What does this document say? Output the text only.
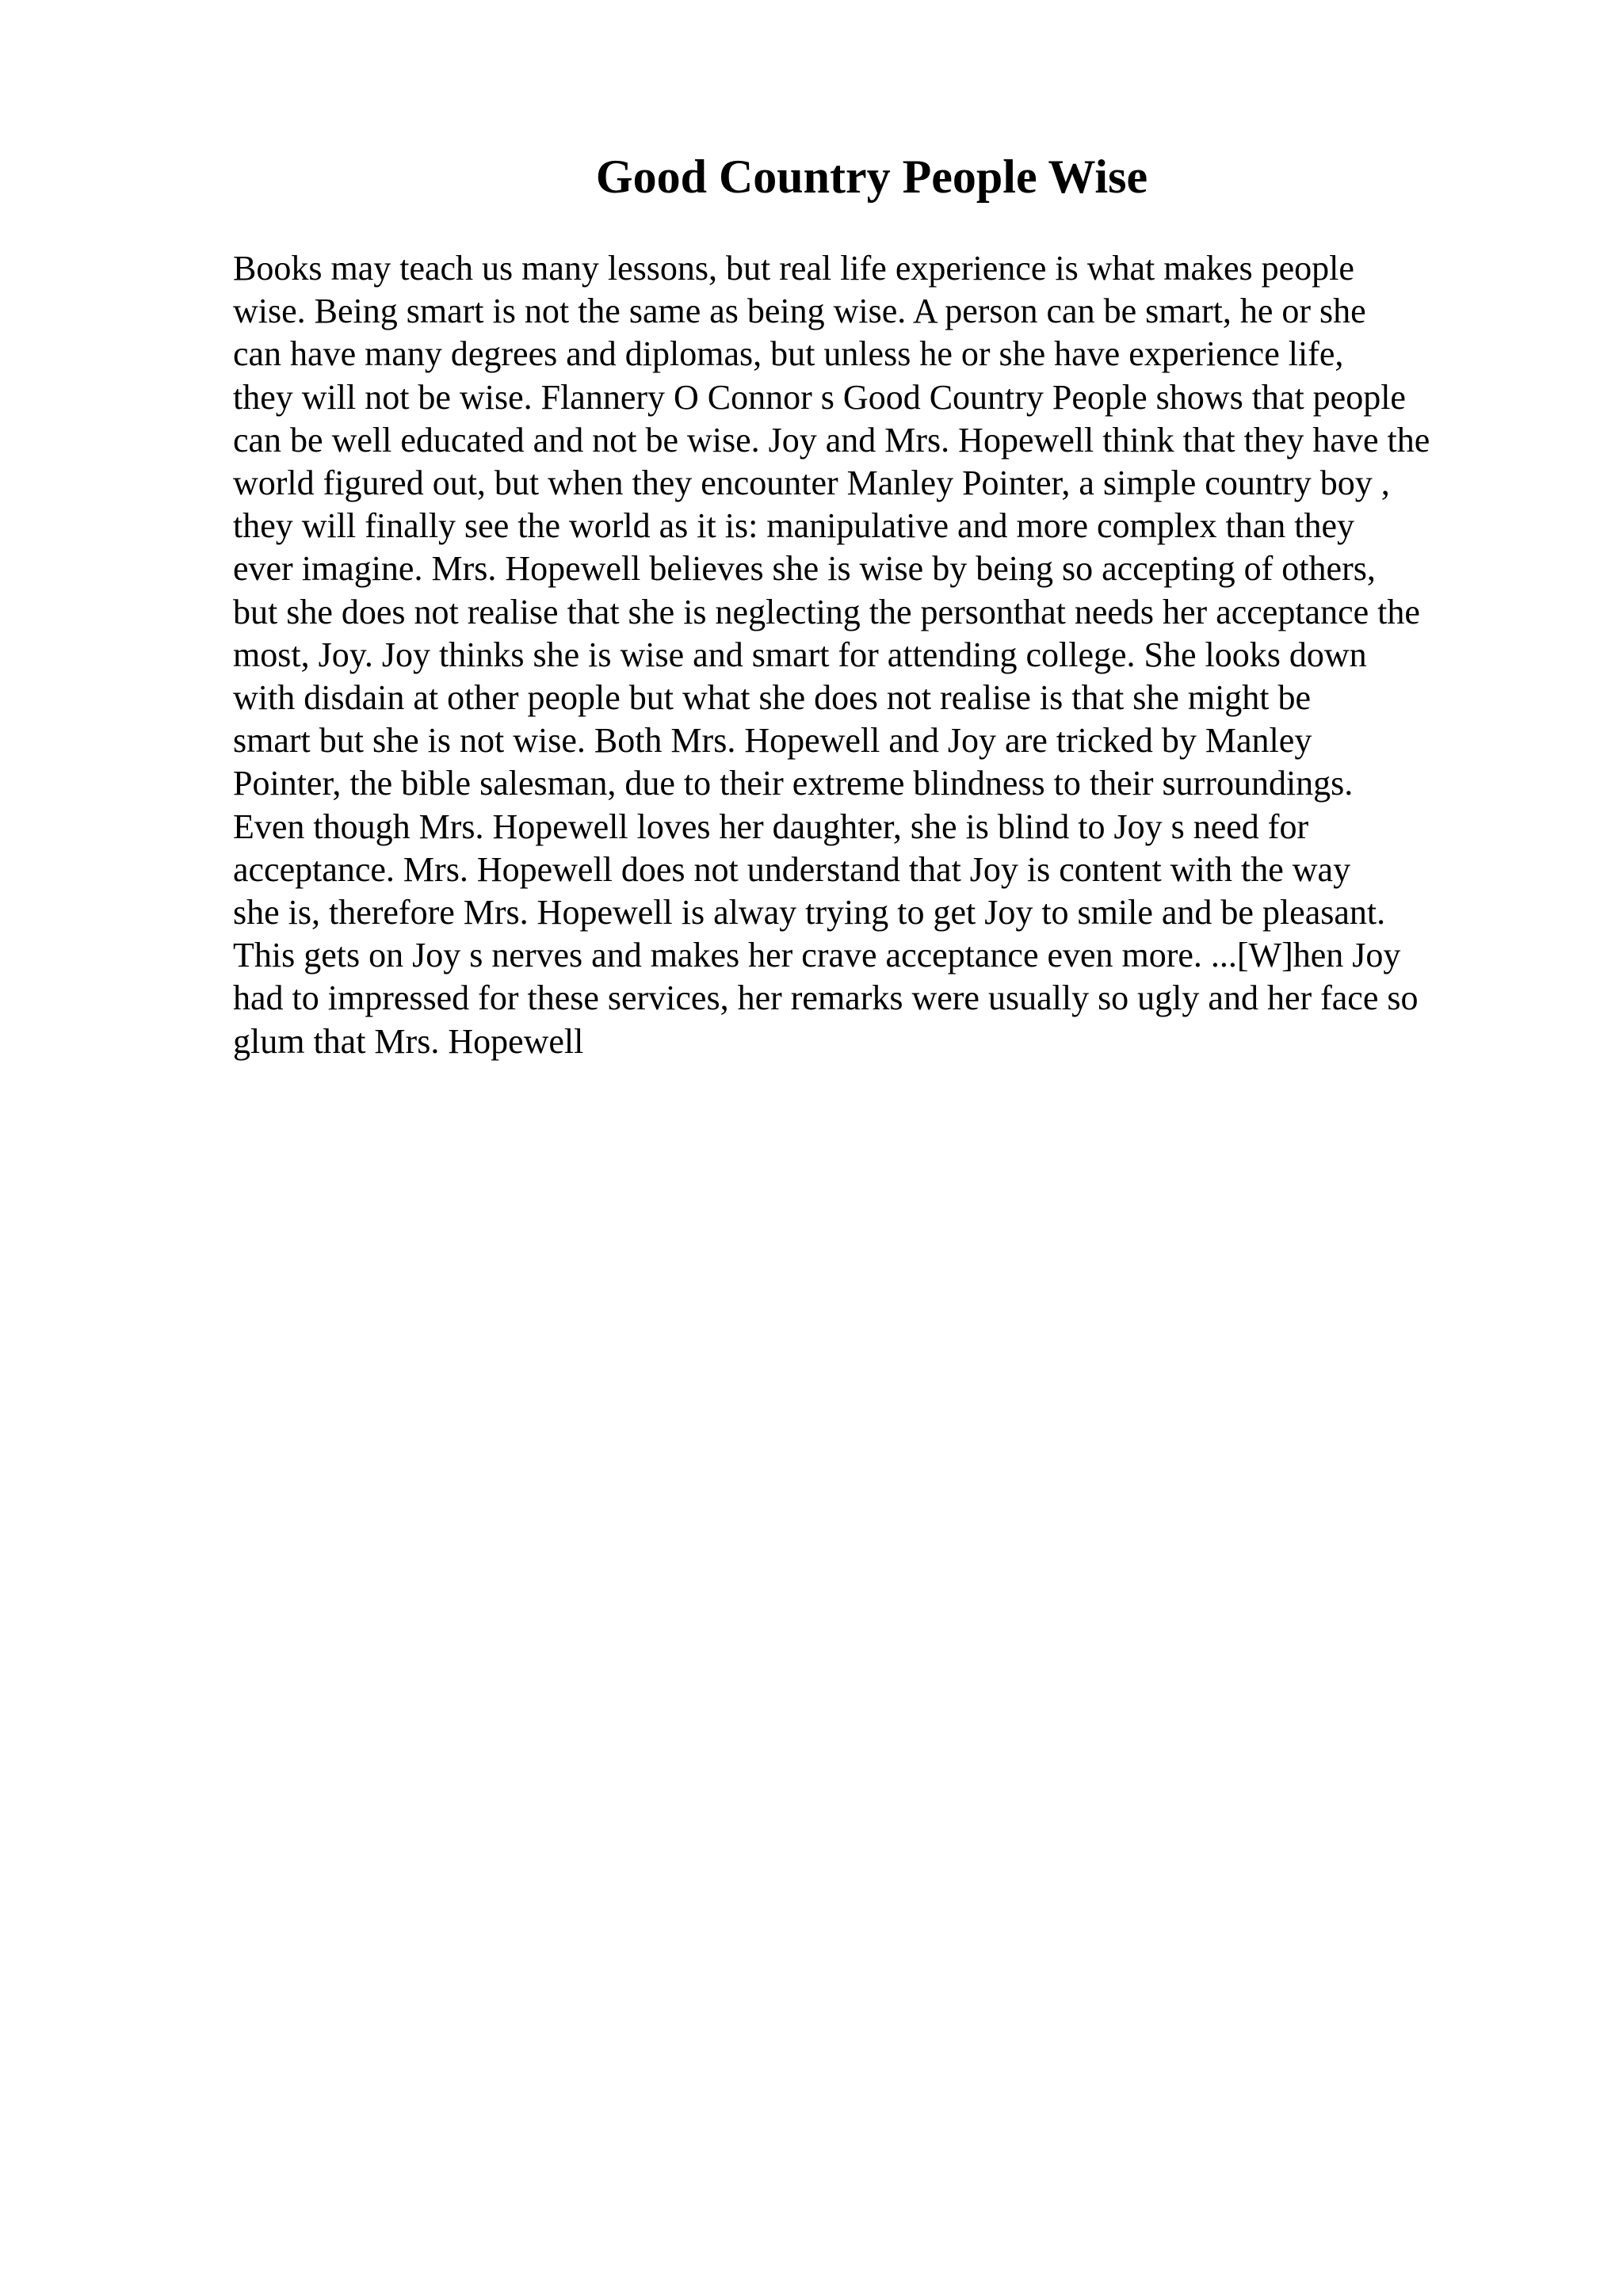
Good Country People Wise
Books may teach us many lessons, but real life experience is what makes people
wise. Being smart is not the same as being wise. A person can be smart, he or she
can have many degrees and diplomas, but unless he or she have experience life,
they will not be wise. Flannery O Connor s Good Country People shows that people
can be well educated and not be wise. Joy and Mrs. Hopewell think that they have the
world figured out, but when they encounter Manley Pointer, a simple country boy ,
they will finally see the world as it is: manipulative and more complex than they
ever imagine. Mrs. Hopewell believes she is wise by being so accepting of others,
but she does not realise that she is neglecting the personthat needs her acceptance the
most, Joy. Joy thinks she is wise and smart for attending college. She looks down
with disdain at other people but what she does not realise is that she might be
smart but she is not wise. Both Mrs. Hopewell and Joy are tricked by Manley
Pointer, the bible salesman, due to their extreme blindness to their surroundings.
Even though Mrs. Hopewell loves her daughter, she is blind to Joy s need for
acceptance. Mrs. Hopewell does not understand that Joy is content with the way
she is, therefore Mrs. Hopewell is alway trying to get Joy to smile and be pleasant.
This gets on Joy s nerves and makes her crave acceptance even more. ...[W]hen Joy
had to impressed for these services, her remarks were usually so ugly and her face so
glum that Mrs. Hopewell
